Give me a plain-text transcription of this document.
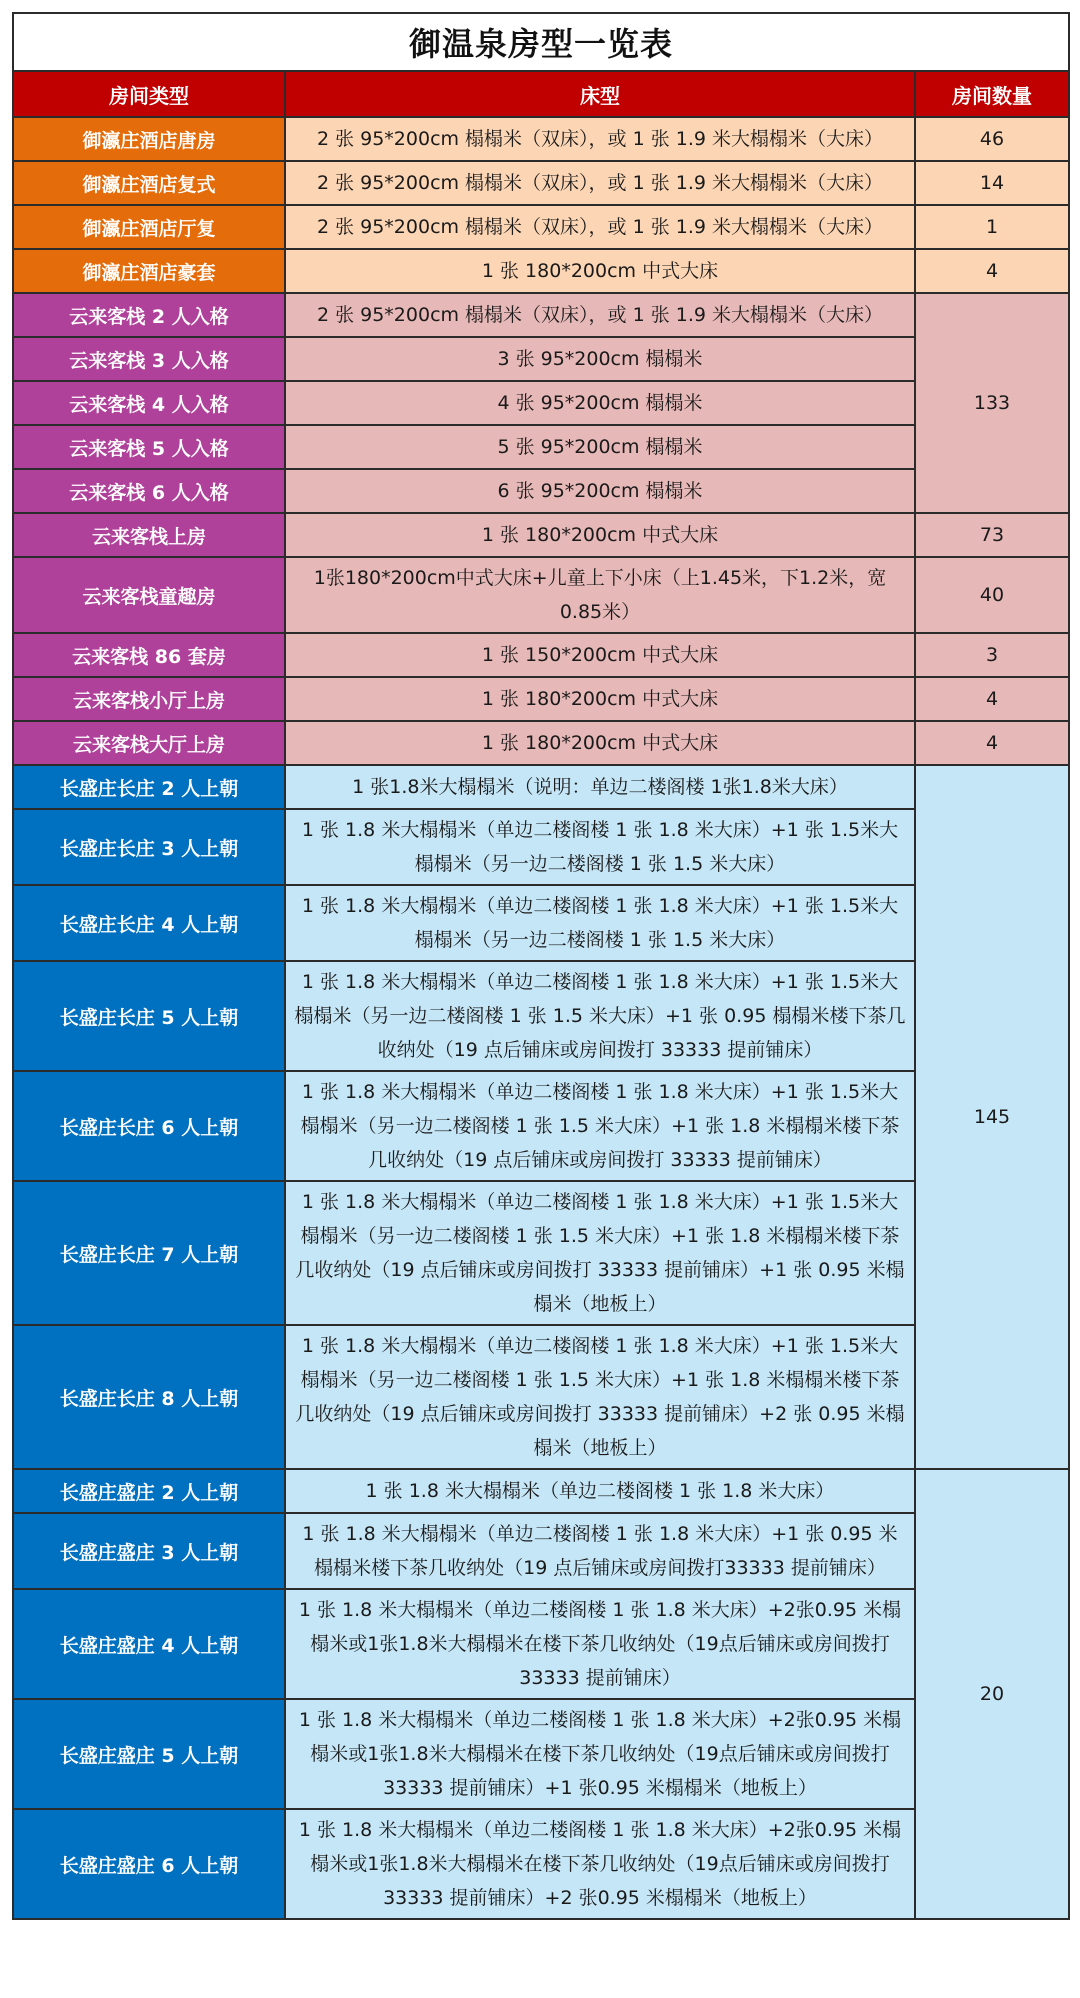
御温泉房型一览表		
房间类型	床型	房间数量
御瀛庄酒店唐房	2 张 95*200cm 榻榻米（双床），或 1 张 1.9 米大榻榻米（大床）	46
御瀛庄酒店复式	2 张 95*200cm 榻榻米（双床），或 1 张 1.9 米大榻榻米（大床）	14
御瀛庄酒店厅复	2 张 95*200cm 榻榻米（双床），或 1 张 1.9 米大榻榻米（大床）	1
御瀛庄酒店豪套	1 张 180*200cm 中式大床	4
云来客栈 2 人入格	2 张 95*200cm 榻榻米（双床），或 1 张 1.9 米大榻榻米（大床）	133
云来客栈 3 人入格	3 张 95*200cm 榻榻米	
云来客栈 4 人入格	4 张 95*200cm 榻榻米	
云来客栈 5 人入格	5 张 95*200cm 榻榻米	
云来客栈 6 人入格	6 张 95*200cm 榻榻米	
云来客栈上房	1 张 180*200cm 中式大床	73
云来客栈童趣房	1张180*200cm中式大床+儿童上下小床（上1.45米，下1.2米，宽0.85米）	40
云来客栈 86 套房	1 张 150*200cm 中式大床	3
云来客栈小厅上房	1 张 180*200cm 中式大床	4
云来客栈大厅上房	1 张 180*200cm 中式大床	4
长盛庄长庄 2 人上朝	1 张1.8米大榻榻米（说明：单边二楼阁楼 1张1.8米大床）	145
长盛庄长庄 3 人上朝	1 张 1.8 米大榻榻米（单边二楼阁楼 1 张 1.8 米大床）+1 张 1.5米大榻榻米（另一边二楼阁楼 1 张 1.5 米大床）	
长盛庄长庄 4 人上朝	1 张 1.8 米大榻榻米（单边二楼阁楼 1 张 1.8 米大床）+1 张 1.5米大榻榻米（另一边二楼阁楼 1 张 1.5 米大床）	
长盛庄长庄 5 人上朝	1 张 1.8 米大榻榻米（单边二楼阁楼 1 张 1.8 米大床）+1 张 1.5米大榻榻米（另一边二楼阁楼 1 张 1.5 米大床）+1 张 0.95 榻榻米楼下茶几收纳处（19 点后铺床或房间拨打 33333 提前铺床）	
长盛庄长庄 6 人上朝	1 张 1.8 米大榻榻米（单边二楼阁楼 1 张 1.8 米大床）+1 张 1.5米大榻榻米（另一边二楼阁楼 1 张 1.5 米大床）+1 张 1.8 米榻榻米楼下茶几收纳处（19 点后铺床或房间拨打 33333 提前铺床）	
长盛庄长庄 7 人上朝	1 张 1.8 米大榻榻米（单边二楼阁楼 1 张 1.8 米大床）+1 张 1.5米大榻榻米（另一边二楼阁楼 1 张 1.5 米大床）+1 张 1.8 米榻榻米楼下茶几收纳处（19 点后铺床或房间拨打 33333 提前铺床）+1 张 0.95 米榻榻米（地板上）	
长盛庄长庄 8 人上朝	1 张 1.8 米大榻榻米（单边二楼阁楼 1 张 1.8 米大床）+1 张 1.5米大榻榻米（另一边二楼阁楼 1 张 1.5 米大床）+1 张 1.8 米榻榻米楼下茶几收纳处（19 点后铺床或房间拨打 33333 提前铺床）+2 张 0.95 米榻榻米（地板上）	
长盛庄盛庄 2 人上朝	1 张 1.8 米大榻榻米（单边二楼阁楼 1 张 1.8 米大床）	20
长盛庄盛庄 3 人上朝	1 张 1.8 米大榻榻米（单边二楼阁楼 1 张 1.8 米大床）+1 张 0.95 米榻榻米楼下茶几收纳处（19 点后铺床或房间拨打33333 提前铺床）	
长盛庄盛庄 4 人上朝	1 张 1.8 米大榻榻米（单边二楼阁楼 1 张 1.8 米大床）+2张0.95 米榻榻米或1张1.8米大榻榻米在楼下茶几收纳处（19点后铺床或房间拨打33333 提前铺床）	
长盛庄盛庄 5 人上朝	1 张 1.8 米大榻榻米（单边二楼阁楼 1 张 1.8 米大床）+2张0.95 米榻榻米或1张1.8米大榻榻米在楼下茶几收纳处（19点后铺床或房间拨打33333 提前铺床）+1 张0.95 米榻榻米（地板上）	
长盛庄盛庄 6 人上朝	1 张 1.8 米大榻榻米（单边二楼阁楼 1 张 1.8 米大床）+2张0.95 米榻榻米或1张1.8米大榻榻米在楼下茶几收纳处（19点后铺床或房间拨打33333 提前铺床）+2 张0.95 米榻榻米（地板上）	
